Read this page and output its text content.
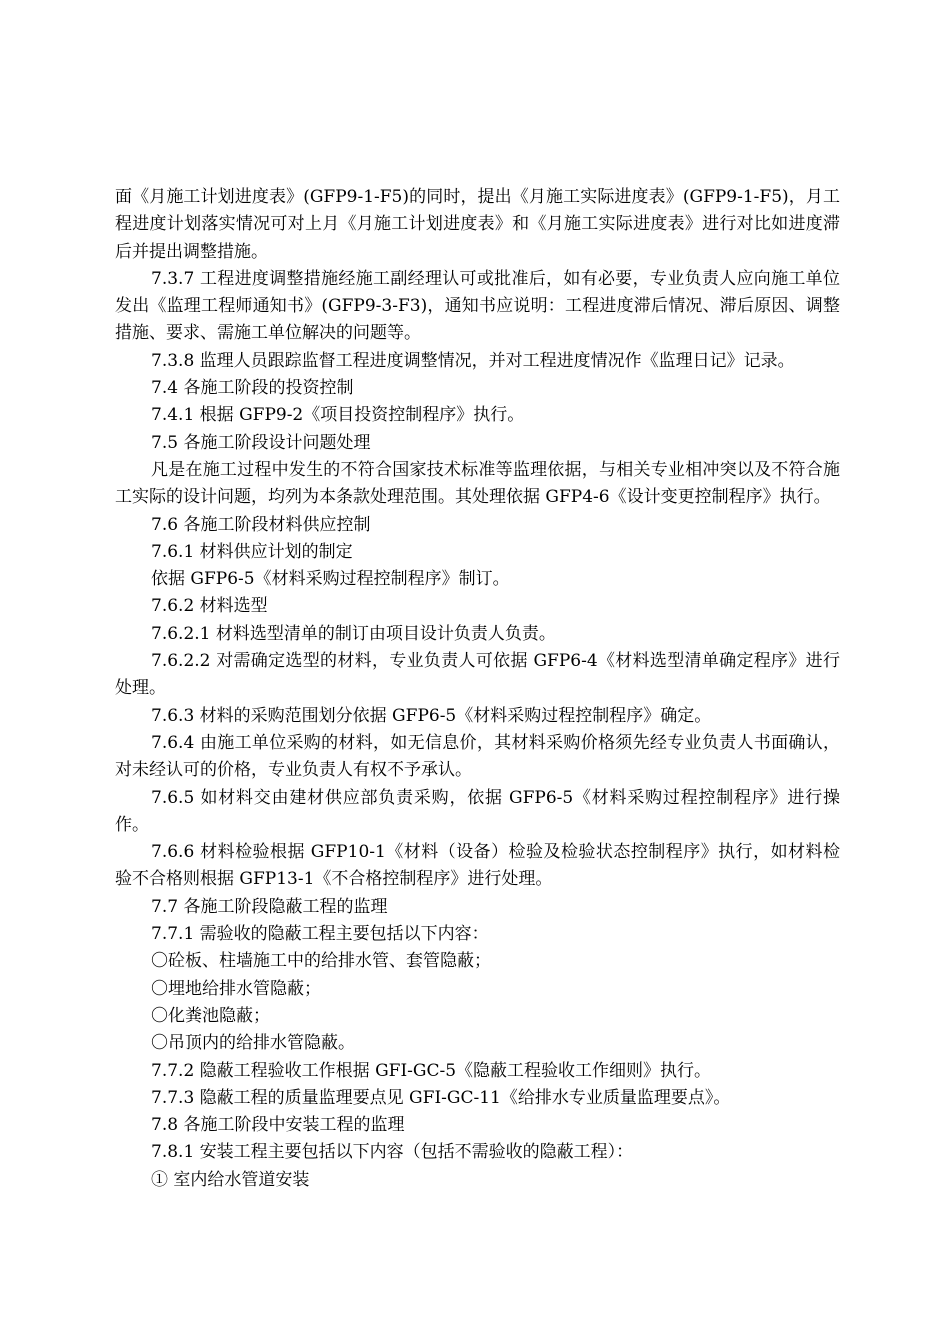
面《月施工计划进度表》(GFP9-1-F5)的同时，提出《月施工实际进度表》(GFP9-1-F5)，月工程进度计划落实情况可对上月《月施工计划进度表》和《月施工实际进度表》进行对比如进度滞后并提出调整措施。

7.3.7 工程进度调整措施经施工副经理认可或批准后，如有必要，专业负责人应向施工单位发出《监理工程师通知书》(GFP9-3-F3)，通知书应说明：工程进度滞后情况、滞后原因、调整措施、要求、需施工单位解决的问题等。

7.3.8 监理人员跟踪监督工程进度调整情况，并对工程进度情况作《监理日记》记录。

7.4 各施工阶段的投资控制

7.4.1 根据 GFP9-2《项目投资控制程序》执行。

7.5 各施工阶段设计问题处理

凡是在施工过程中发生的不符合国家技术标准等监理依据，与相关专业相冲突以及不符合施工实际的设计问题，均列为本条款处理范围。其处理依据 GFP4-6《设计变更控制程序》执行。

7.6 各施工阶段材料供应控制

7.6.1 材料供应计划的制定

依据 GFP6-5《材料采购过程控制程序》制订。

7.6.2 材料选型

7.6.2.1 材料选型清单的制订由项目设计负责人负责。

7.6.2.2 对需确定选型的材料，专业负责人可依据 GFP6-4《材料选型清单确定程序》进行处理。

7.6.3 材料的采购范围划分依据 GFP6-5《材料采购过程控制程序》确定。

7.6.4 由施工单位采购的材料，如无信息价，其材料采购价格须先经专业负责人书面确认，对未经认可的价格，专业负责人有权不予承认。

7.6.5 如材料交由建材供应部负责采购，依据 GFP6-5《材料采购过程控制程序》进行操作。

7.6.6 材料检验根据 GFP10-1《材料（设备）检验及检验状态控制程序》执行，如材料检验不合格则根据 GFP13-1《不合格控制程序》进行处理。

7.7 各施工阶段隐蔽工程的监理

7.7.1 需验收的隐蔽工程主要包括以下内容：

〇砼板、柱墙施工中的给排水管、套管隐蔽；

〇埋地给排水管隐蔽；

〇化粪池隐蔽；

〇吊顶内的给排水管隐蔽。

7.7.2 隐蔽工程验收工作根据 GFI-GC-5《隐蔽工程验收工作细则》执行。

7.7.3 隐蔽工程的质量监理要点见 GFI-GC-11《给排水专业质量监理要点》。

7.8 各施工阶段中安装工程的监理

7.8.1 安装工程主要包括以下内容（包括不需验收的隐蔽工程）：

① 室内给水管道安装
